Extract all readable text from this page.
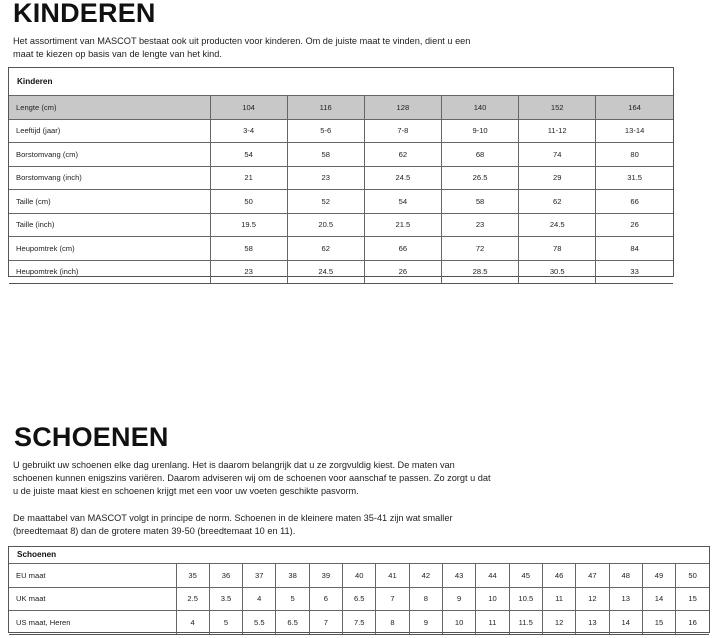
KINDEREN

Het assortiment van MASCOT bestaat ook uit producten voor kinderen. Om de juiste maat te vinden, dient u een maat te kiezen op basis van de lengte van het kind.

Kinderen
Lengte (cm)	104	116	128	140	152	164
Leeftijd (jaar)	3-4	5-6	7-8	9-10	11-12	13-14
Borstomvang (cm)	54	58	62	68	74	80
Borstomvang (inch)	21	23	24.5	26.5	29	31.5
Taille (cm)	50	52	54	58	62	66
Taille (inch)	19.5	20.5	21.5	23	24.5	26
Heupomtrek (cm)	58	62	66	72	78	84
Heupomtrek (inch)	23	24.5	26	28.5	30.5	33
SCHOENEN

U gebruikt uw schoenen elke dag urenlang. Het is daarom belangrijk dat u ze zorgvuldig kiest. De maten van schoenen kunnen enigszins variëren. Daarom adviseren wij om de schoenen voor aanschaf te passen. Zo zorgt u dat u de juiste maat kiest en schoenen krijgt met een voor uw voeten geschikte pasvorm.

De maattabel van MASCOT volgt in principe de norm. Schoenen in de kleinere maten 35-41 zijn wat smaller (breedtemaat 8) dan de grotere maten 39-50 (breedtemaat 10 en 11).

Schoenen
EU maat	35	36	37	38	39	40	41	42	43	44	45	46	47	48	49	50
UK maat	2.5	3.5	4	5	6	6.5	7	8	9	10	10.5	11	12	13	14	15
US maat, Heren	4	5	5.5	6.5	7	7.5	8	9	10	11	11.5	12	13	14	15	16
